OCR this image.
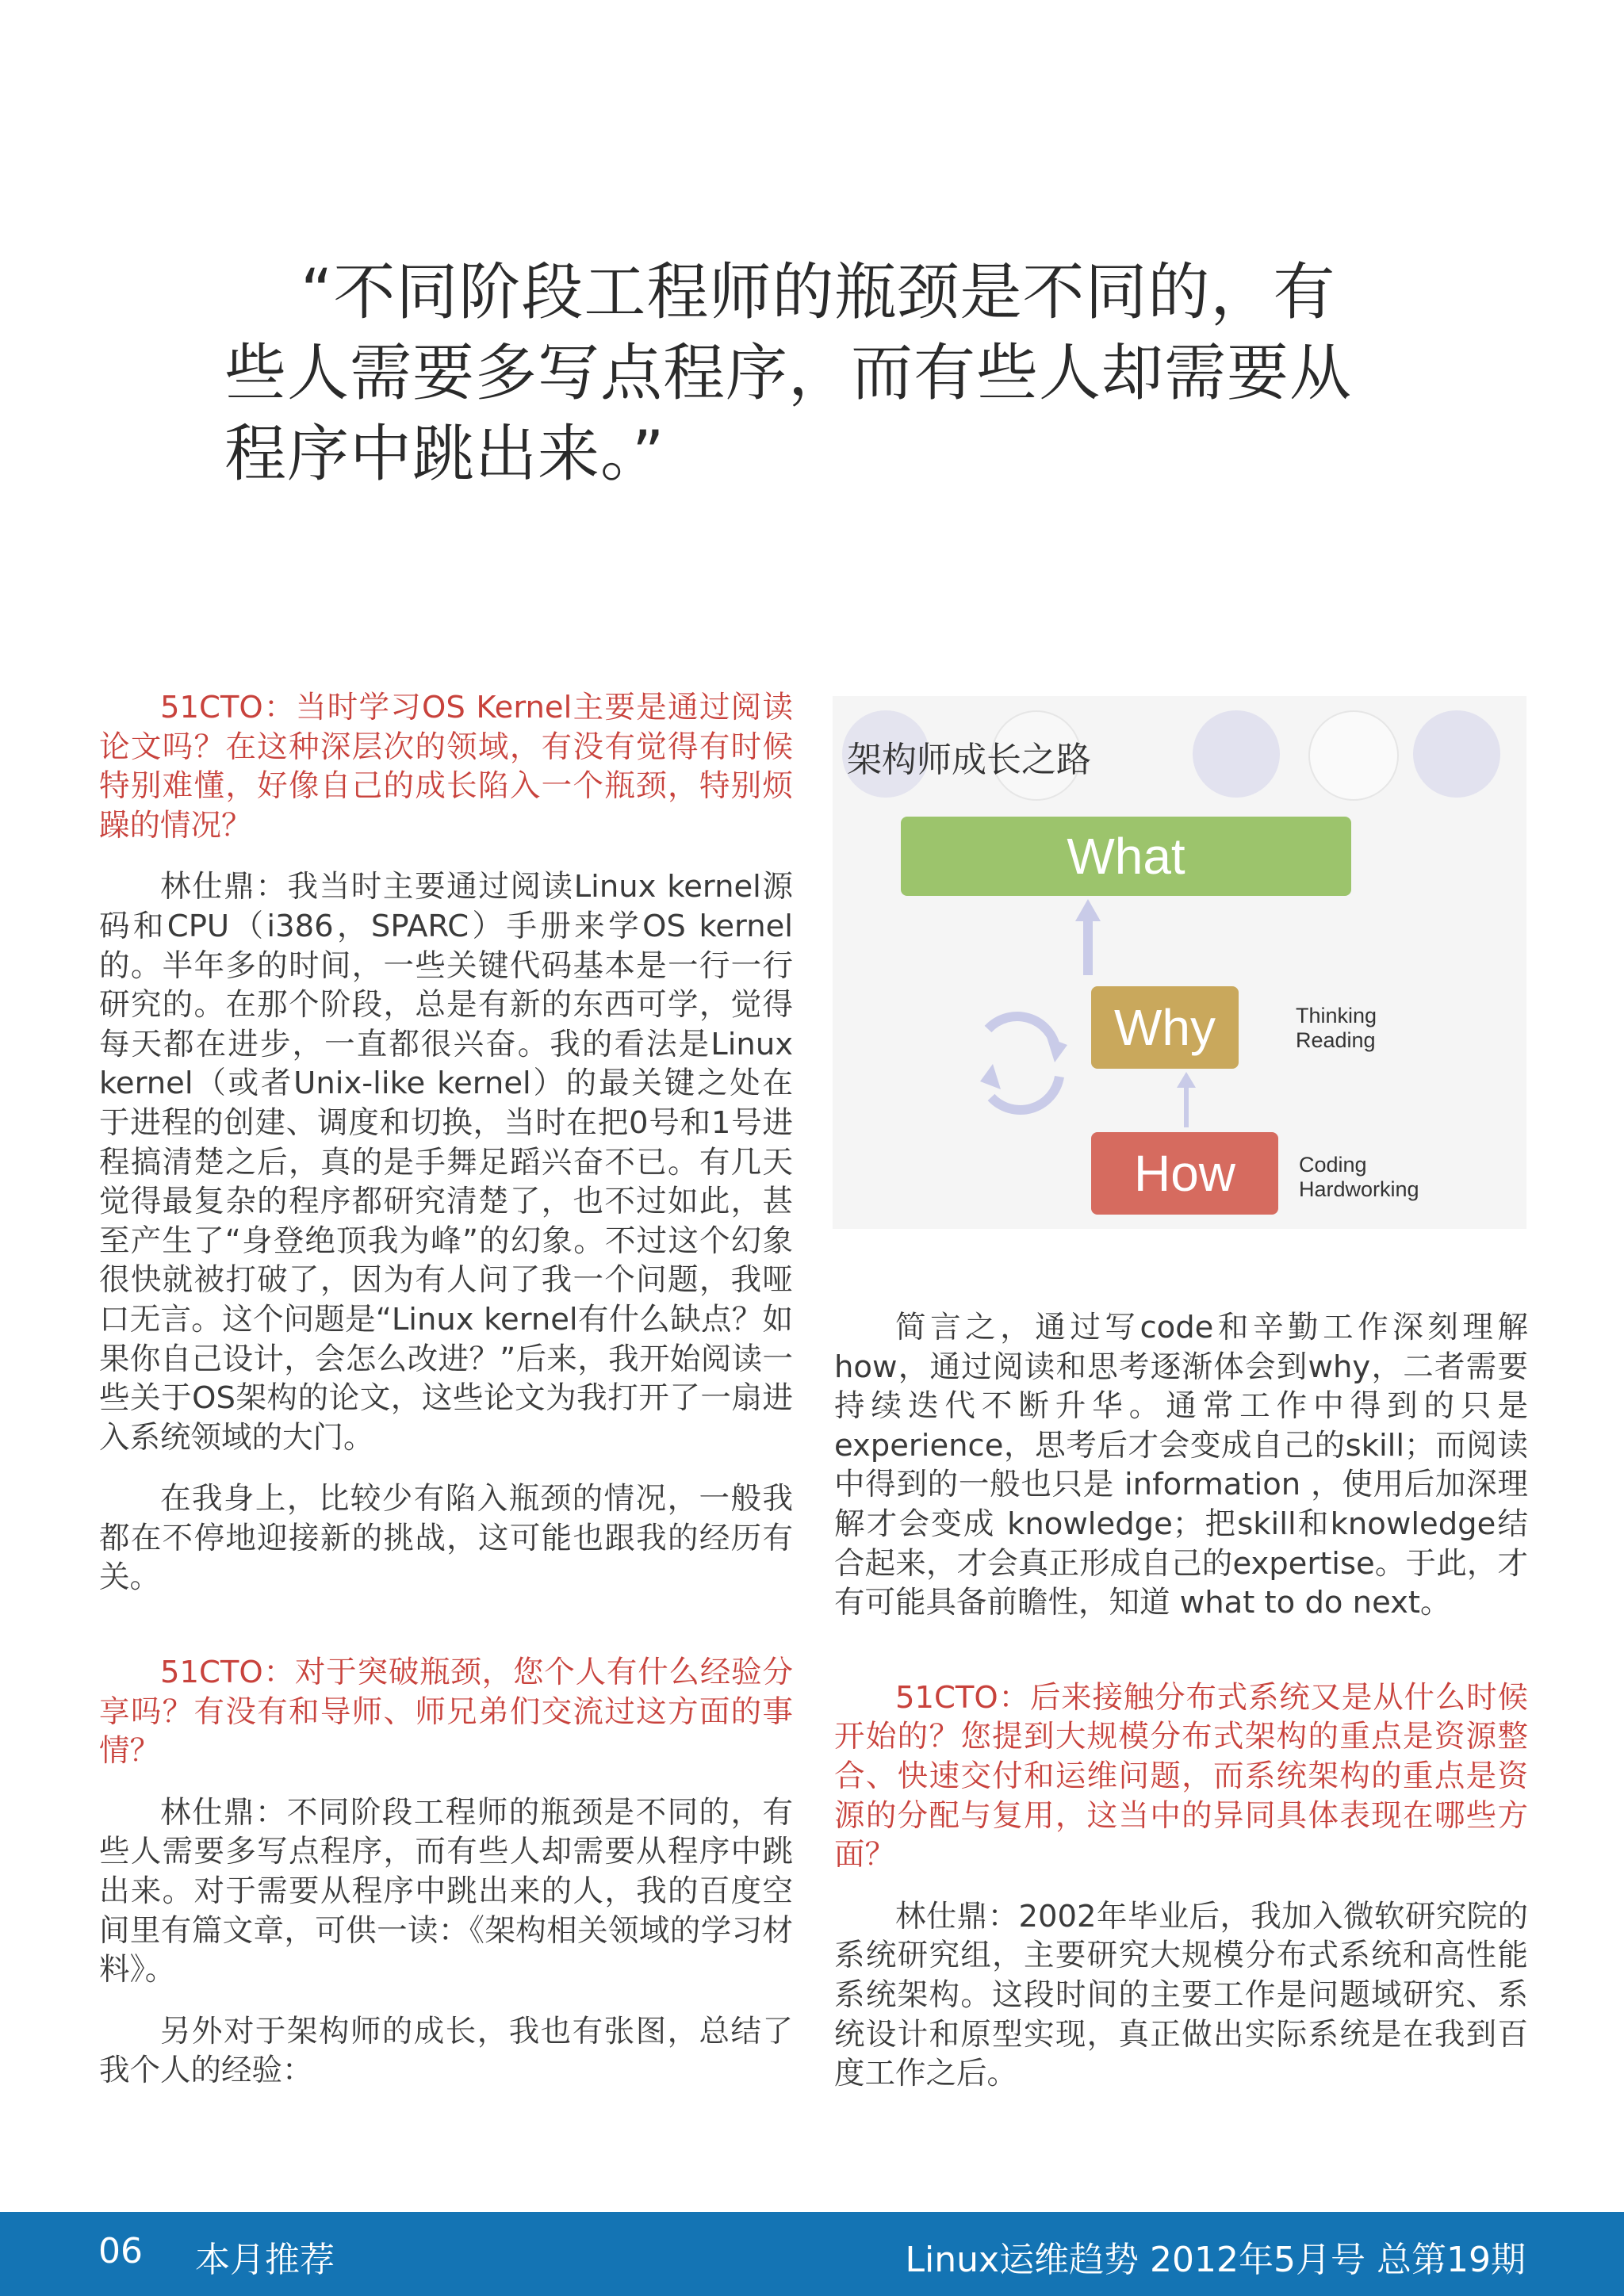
“不同阶段工程师的瓶颈是不同的，有
些人需要多写点程序，而有些人却需要从
程序中跳出来。”

51CTO：当时学习OS Kernel主要是通过阅读论文吗？在这种深层次的领域，有没有觉得有时候特别难懂，好像自己的成长陷入一个瓶颈，特别烦躁的情况？

林仕鼎：我当时主要通过阅读Linux kernel源码和CPU（i386，SPARC）手册来学OS kernel的。半年多的时间，一些关键代码基本是一行一行研究的。在那个阶段，总是有新的东西可学，觉得每天都在进步，一直都很兴奋。我的看法是Linux kernel（或者Unix-like kernel）的最关键之处在于进程的创建、调度和切换，当时在把0号和1号进程搞清楚之后，真的是手舞足蹈兴奋不已。有几天觉得最复杂的程序都研究清楚了，也不过如此，甚至产生了“身登绝顶我为峰”的幻象。不过这个幻象很快就被打破了，因为有人问了我一个问题，我哑口无言。这个问题是“Linux kernel有什么缺点？如果你自己设计，会怎么改进？”后来，我开始阅读一些关于OS架构的论文，这些论文为我打开了一扇进入系统领域的大门。

在我身上，比较少有陷入瓶颈的情况，一般我都在不停地迎接新的挑战，这可能也跟我的经历有关。

51CTO：对于突破瓶颈，您个人有什么经验分享吗？有没有和导师、师兄弟们交流过这方面的事情？

林仕鼎：不同阶段工程师的瓶颈是不同的，有些人需要多写点程序，而有些人却需要从程序中跳出来。对于需要从程序中跳出来的人，我的百度空间里有篇文章，可供一读：《架构相关领域的学习材料》。

另外对于架构师的成长，我也有张图，总结了我个人的经验：

架构师成长之路
What
Why
How
Thinking
Reading
Coding
Hardworking

简言之，通过写code和辛勤工作深刻理解how，通过阅读和思考逐渐体会到why，二者需要持续迭代不断升华。通常工作中得到的只是experience，思考后才会变成自己的skill；而阅读中得到的一般也只是 information ，使用后加深理解才会变成 knowledge；把skill和knowledge结合起来，才会真正形成自己的expertise。于此，才有可能具备前瞻性，知道 what to do next。

51CTO：后来接触分布式系统又是从什么时候开始的？您提到大规模分布式架构的重点是资源整合、快速交付和运维问题，而系统架构的重点是资源的分配与复用，这当中的异同具体表现在哪些方面？

林仕鼎：2002年毕业后，我加入微软研究院的系统研究组，主要研究大规模分布式系统和高性能系统架构。这段时间的主要工作是问题域研究、系统设计和原型实现，真正做出实际系统是在我到百度工作之后。

06 本月推荐	Linux运维趋势 2012年5月号 总第19期
